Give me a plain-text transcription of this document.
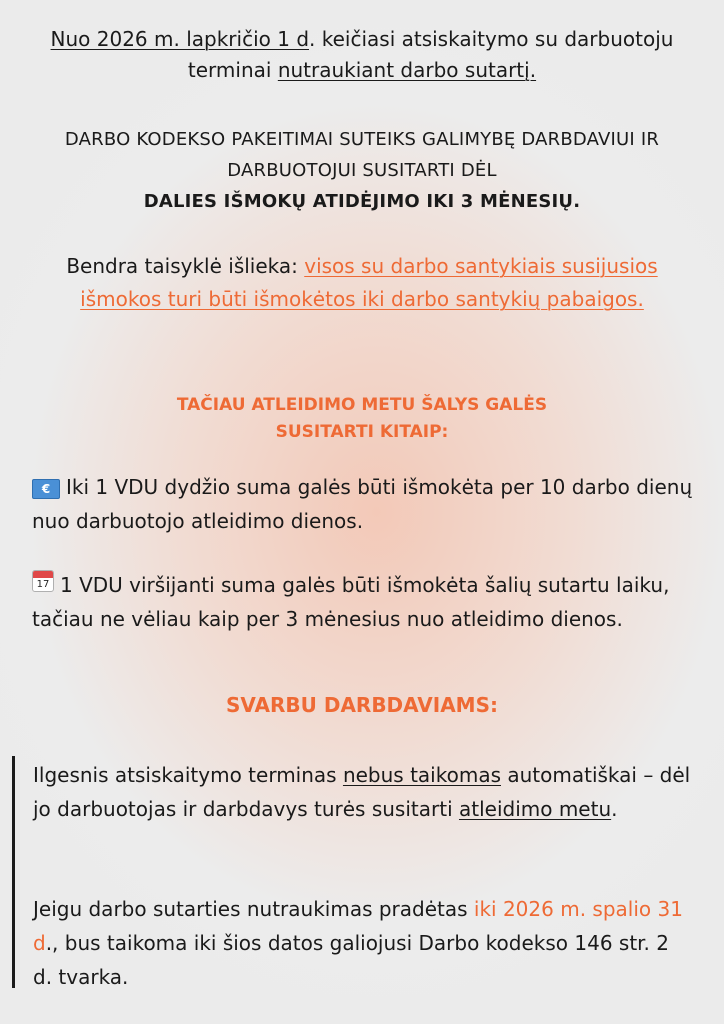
Nuo 2026 m. lapkričio 1 d. keičiasi atsiskaitymo su darbuotoju terminai nutraukiant darbo sutartį.
DARBO KODEKSO PAKEITIMAI SUTEIKS GALIMYBĘ DARBDAVIUI IR DARBUOTOJUI SUSITARTI DĖL
DALIES IŠMOKŲ ATIDĖJIMO IKI 3 MĖNESIŲ.
Bendra taisyklė išlieka: visos su darbo santykiais susijusios išmokos turi būti išmokėtos iki darbo santykių pabaigos.
TAČIAU ATLEIDIMO METU ŠALYS GALĖS
SUSITARTI KITAIP:
€ Iki 1 VDU dydžio suma galės būti išmokėta per 10 darbo dienų nuo darbuotojo atleidimo dienos.
17 1 VDU viršijanti suma galės būti išmokėta šalių sutartu laiku, tačiau ne vėliau kaip per 3 mėnesius nuo atleidimo dienos.
SVARBU DARBDAVIAMS:
Ilgesnis atsiskaitymo terminas nebus taikomas automatiškai – dėl jo darbuotojas ir darbdavys turės susitarti atleidimo metu.
Jeigu darbo sutarties nutraukimas pradėtas iki 2026 m. spalio 31 d., bus taikoma iki šios datos galiojusi Darbo kodekso 146 str. 2 d. tvarka.
